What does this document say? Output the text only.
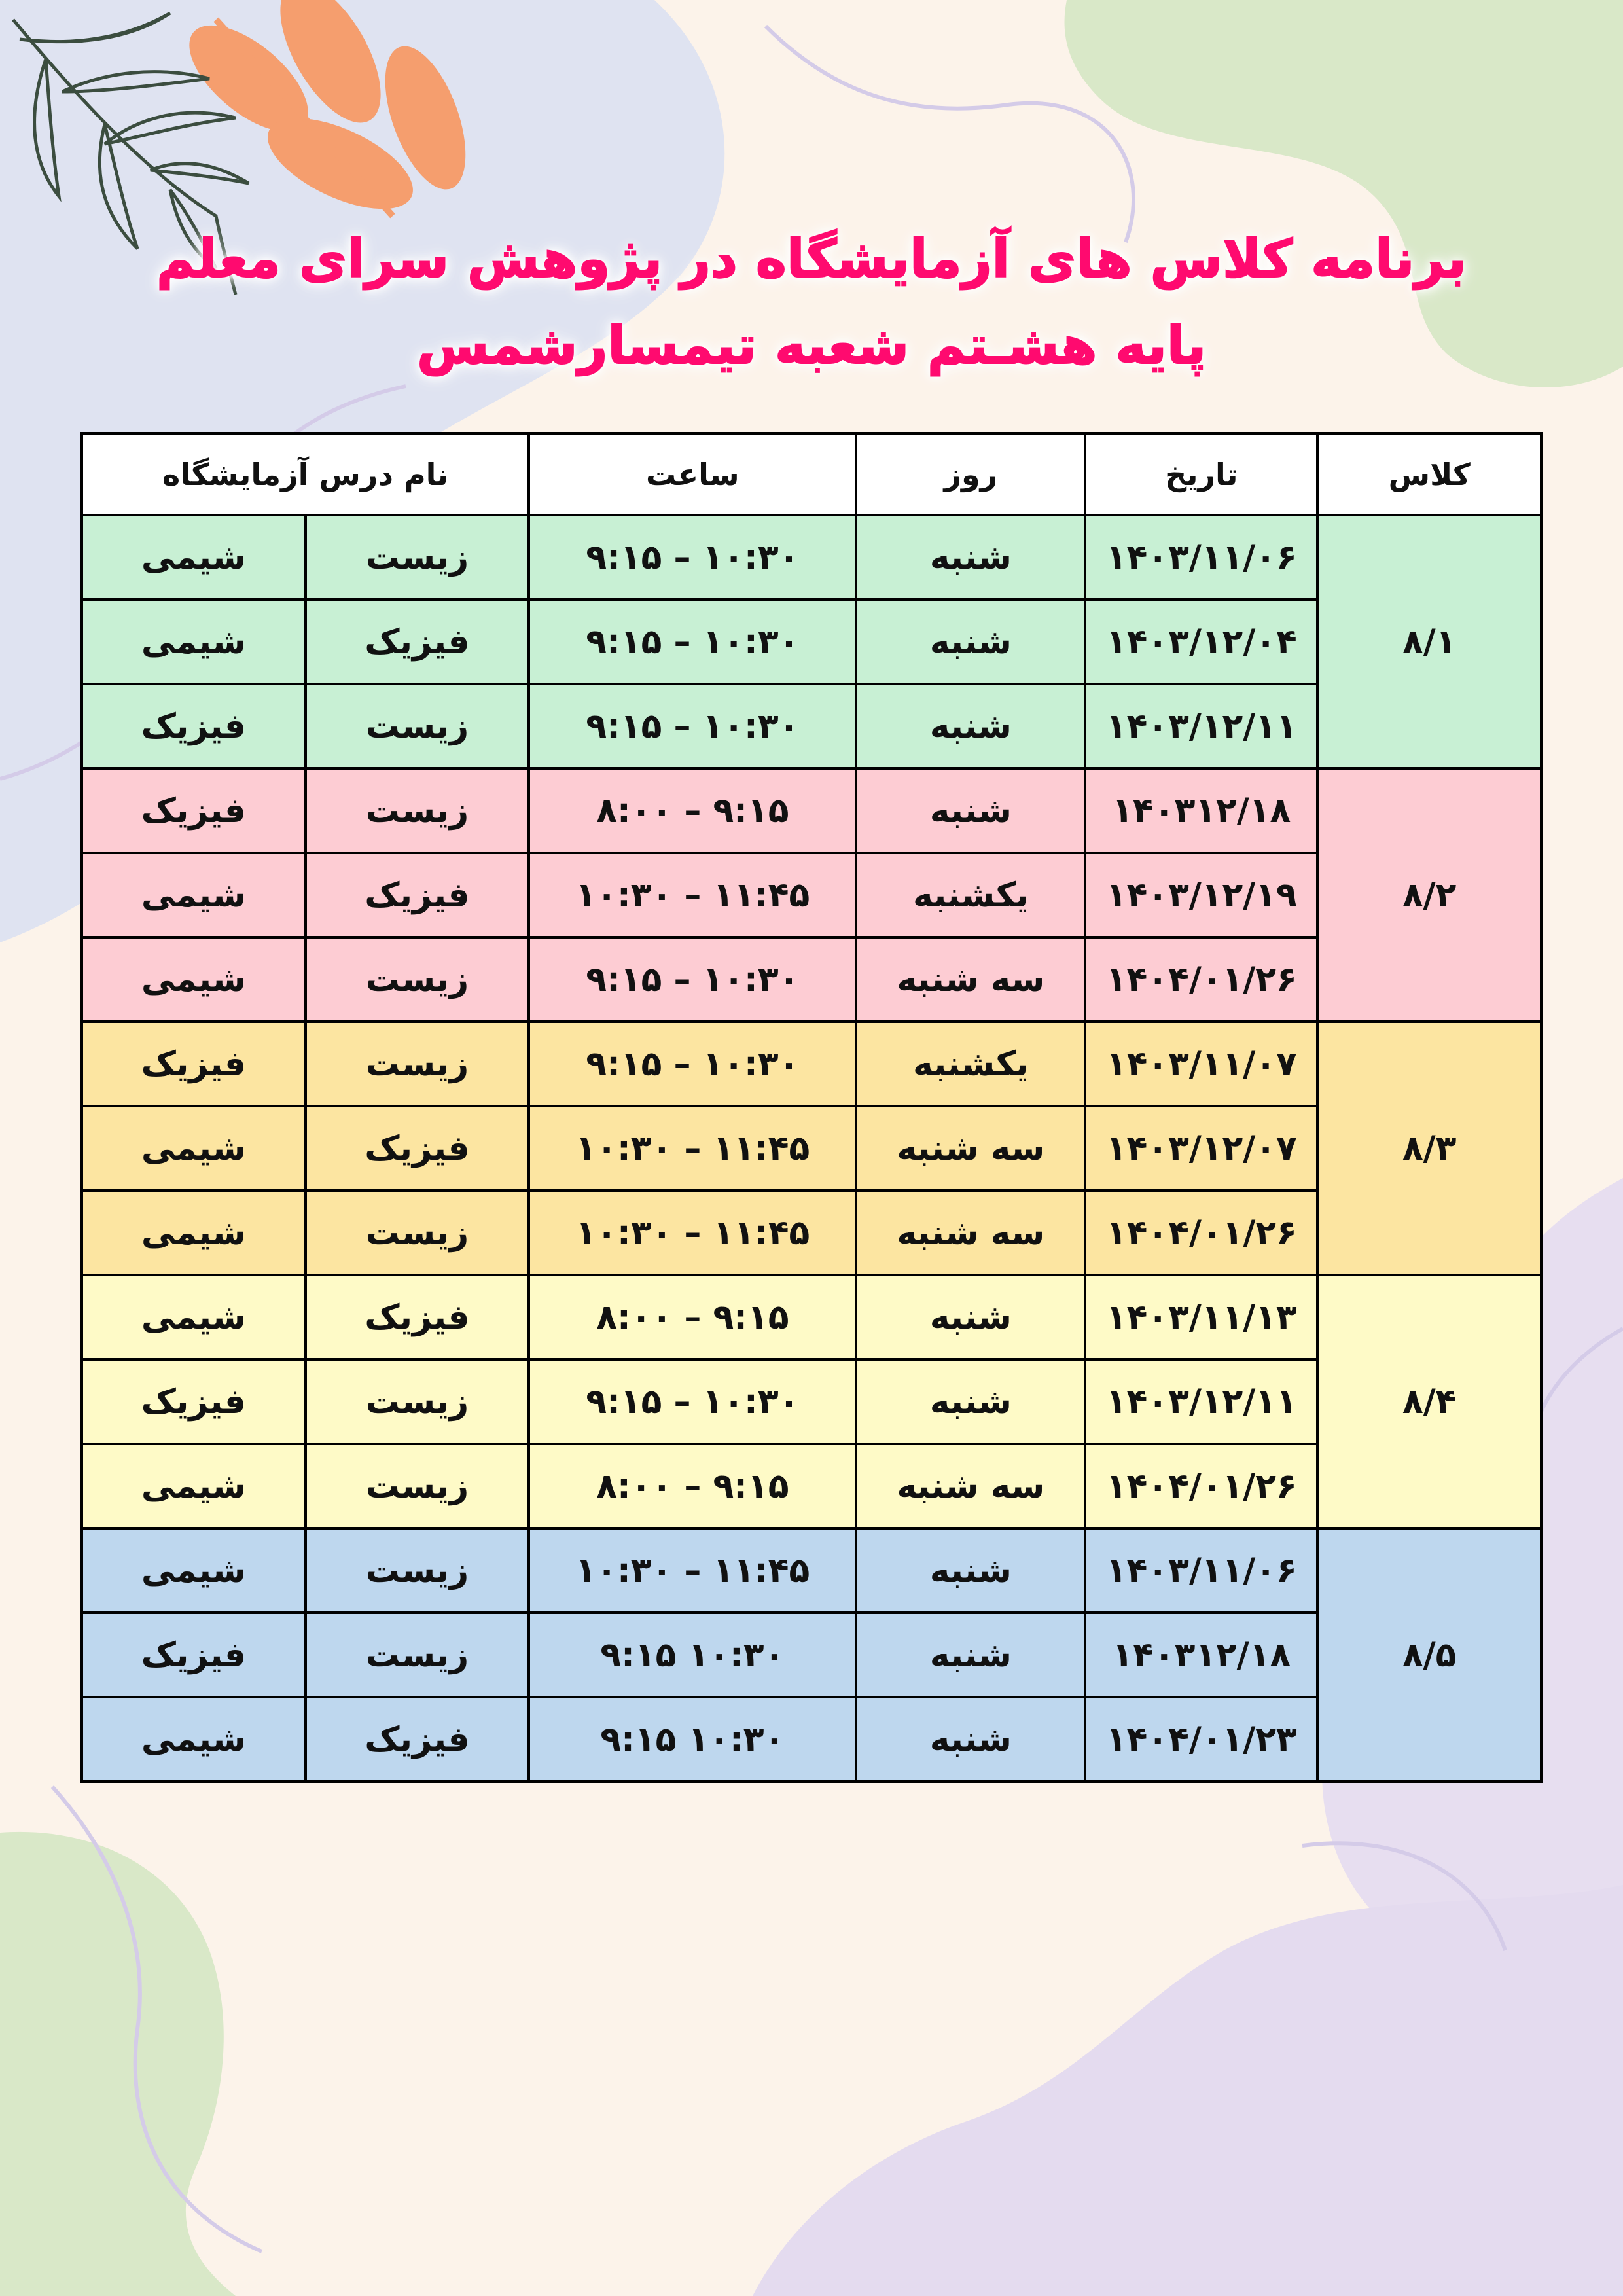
برنامه کلاس های آزمایشگاه در پژوهش سرای معلم
پایه هشـتم شعبه تیمسارشمس
کلاس	تاریخ	روز	ساعت	نام درس آزمایشگاه	
۸/۱	۱۴۰۳/۱۱/۰۶	شنبه	۱۰:۳۰ – ۹:۱۵	زیست	شیمی
	۱۴۰۳/۱۲/۰۴	شنبه	۱۰:۳۰ – ۹:۱۵	فیزیک	شیمی
	۱۴۰۳/۱۲/۱۱	شنبه	۱۰:۳۰ – ۹:۱۵	زیست	فیزیک
۸/۲	۱۴۰۳۱۲/۱۸	شنبه	۹:۱۵ – ۸:۰۰	زیست	فیزیک
	۱۴۰۳/۱۲/۱۹	یکشنبه	۱۱:۴۵ – ۱۰:۳۰	فیزیک	شیمی
	۱۴۰۴/۰۱/۲۶	سه شنبه	۱۰:۳۰ – ۹:۱۵	زیست	شیمی
۸/۳	۱۴۰۳/۱۱/۰۷	یکشنبه	۱۰:۳۰ – ۹:۱۵	زیست	فیزیک
	۱۴۰۳/۱۲/۰۷	سه شنبه	۱۱:۴۵ – ۱۰:۳۰	فیزیک	شیمی
	۱۴۰۴/۰۱/۲۶	سه شنبه	۱۱:۴۵ – ۱۰:۳۰	زیست	شیمی
۸/۴	۱۴۰۳/۱۱/۱۳	شنبه	۹:۱۵ – ۸:۰۰	فیزیک	شیمی
	۱۴۰۳/۱۲/۱۱	شنبه	۱۰:۳۰ – ۹:۱۵	زیست	فیزیک
	۱۴۰۴/۰۱/۲۶	سه شنبه	۹:۱۵ – ۸:۰۰	زیست	شیمی
۸/۵	۱۴۰۳/۱۱/۰۶	شنبه	۱۱:۴۵ – ۱۰:۳۰	زیست	شیمی
	۱۴۰۳۱۲/۱۸	شنبه	۱۰:۳۰ ۹:۱۵	زیست	فیزیک
	۱۴۰۴/۰۱/۲۳	شنبه	۱۰:۳۰ ۹:۱۵	فیزیک	شیمی
